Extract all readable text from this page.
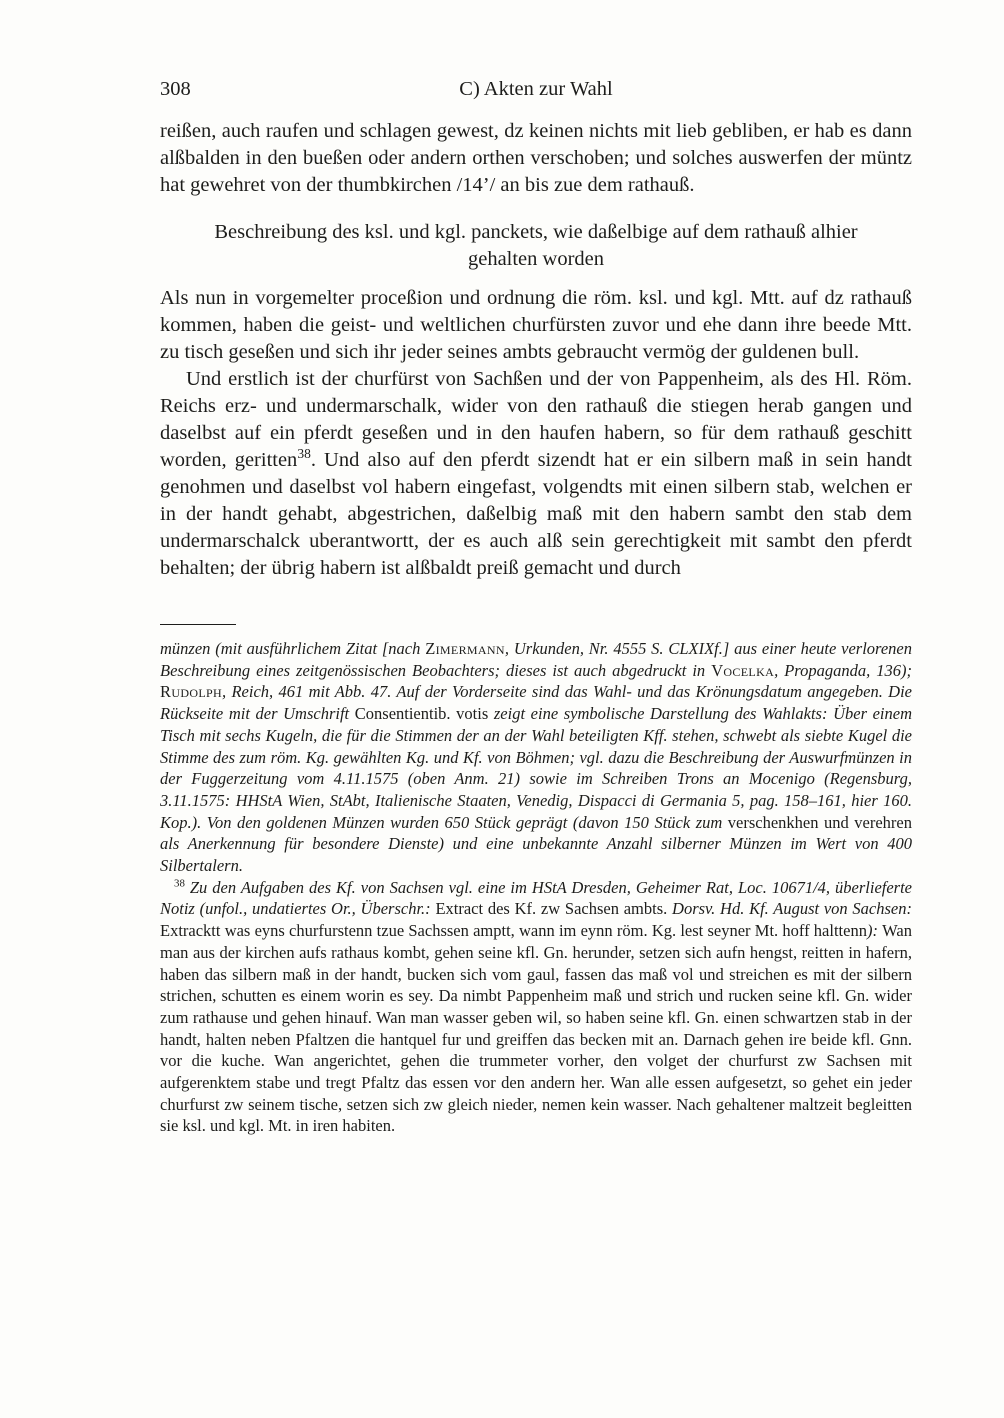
308	C) Akten zur Wahl

reißen, auch raufen und schlagen gewest, dz keinen nichts mit lieb gebliben, er hab es dann alßbalden in den bueßen oder andern orthen verschoben; und solches auswerfen der müntz hat gewehret von der thumbkirchen /14’/ an bis zue dem rathauß.

Beschreibung des ksl. und kgl. panckets, wie daßelbige auf dem rathauß alhier gehalten worden

Als nun in vorgemelter proceßion und ordnung die röm. ksl. und kgl. Mtt. auf dz rathauß kommen, haben die geist- und weltlichen churfürsten zuvor und ehe dann ihre beede Mtt. zu tisch geseßen und sich ihr jeder seines ambts gebraucht vermög der guldenen bull.

Und erstlich ist der churfürst von Sachßen und der von Pappenheim, als des Hl. Röm. Reichs erz- und undermarschalk, wider von den rathauß die stiegen herab gangen und daselbst auf ein pferdt geseßen und in den haufen habern, so für dem rathauß geschitt worden, geritten$^{38}$. Und also auf den pferdt sizendt hat er ein silbern maß in sein handt genohmen und daselbst vol habern eingefast, volgendts mit einen silbern stab, welchen er in der handt gehabt, abgestrichen, daßelbig maß mit den habern sambt den stab dem undermarschalck uberantwortt, der es auch alß sein gerechtigkeit mit sambt den pferdt behalten; der übrig habern ist alßbaldt preiß gemacht und durch

münzen (mit ausführlichem Zitat [nach Zimermann, Urkunden, Nr. 4555 S. CLXIXf.] aus einer heute verlorenen Beschreibung eines zeitgenössischen Beobachters; dieses ist auch abgedruckt in Vocelka, Propaganda, 136); Rudolph, Reich, 461 mit Abb. 47. Auf der Vorderseite sind das Wahl- und das Krönungsdatum angegeben. Die Rückseite mit der Umschrift Consentientib. votis zeigt eine symbolische Darstellung des Wahlakts: Über einem Tisch mit sechs Kugeln, die für die Stimmen der an der Wahl beteiligten Kff. stehen, schwebt als siebte Kugel die Stimme des zum röm. Kg. gewählten Kg. und Kf. von Böhmen; vgl. dazu die Beschreibung der Auswurfmünzen in der Fuggerzeitung vom 4.11.1575 (oben Anm. 21) sowie im Schreiben Trons an Mocenigo (Regensburg, 3.11.1575: HHStA Wien, StAbt, Italienische Staaten, Venedig, Dispacci di Germania 5, pag. 158–161, hier 160. Kop.). Von den goldenen Münzen wurden 650 Stück geprägt (davon 150 Stück zum verschenkhen und verehren als Anerkennung für besondere Dienste) und eine unbekannte Anzahl silberner Münzen im Wert von 400 Silbertalern.

$^{38}$ Zu den Aufgaben des Kf. von Sachsen vgl. eine im HStA Dresden, Geheimer Rat, Loc. 10671/4, überlieferte Notiz (unfol., undatiertes Or., Überschr.: Extract des Kf. zw Sachsen ambts. Dorsv. Hd. Kf. August von Sachsen: Extracktt was eyns churfurstenn tzue Sachssen amptt, wann im eynn röm. Kg. lest seyner Mt. hoff halttenn): Wan man aus der kirchen aufs rathaus kombt, gehen seine kfl. Gn. herunder, setzen sich aufn hengst, reitten in hafern, haben das silbern maß in der handt, bucken sich vom gaul, fassen das maß vol und streichen es mit der silbern strichen, schutten es einem worin es sey. Da nimbt Pappenheim maß und strich und rucken seine kfl. Gn. wider zum rathause und gehen hinauf. Wan man wasser geben wil, so haben seine kfl. Gn. einen schwartzen stab in der handt, halten neben Pfaltzen die hantquel fur und greiffen das becken mit an. Darnach gehen ire beide kfl. Gnn. vor die kuche. Wan angerichtet, gehen die trummeter vorher, den volget der churfurst zw Sachsen mit aufgerenktem stabe und tregt Pfaltz das essen vor den andern her. Wan alle essen aufgesetzt, so gehet ein jeder churfurst zw seinem tische, setzen sich zw gleich nieder, nemen kein wasser. Nach gehaltener maltzeit begleitten sie ksl. und kgl. Mt. in iren habiten.
